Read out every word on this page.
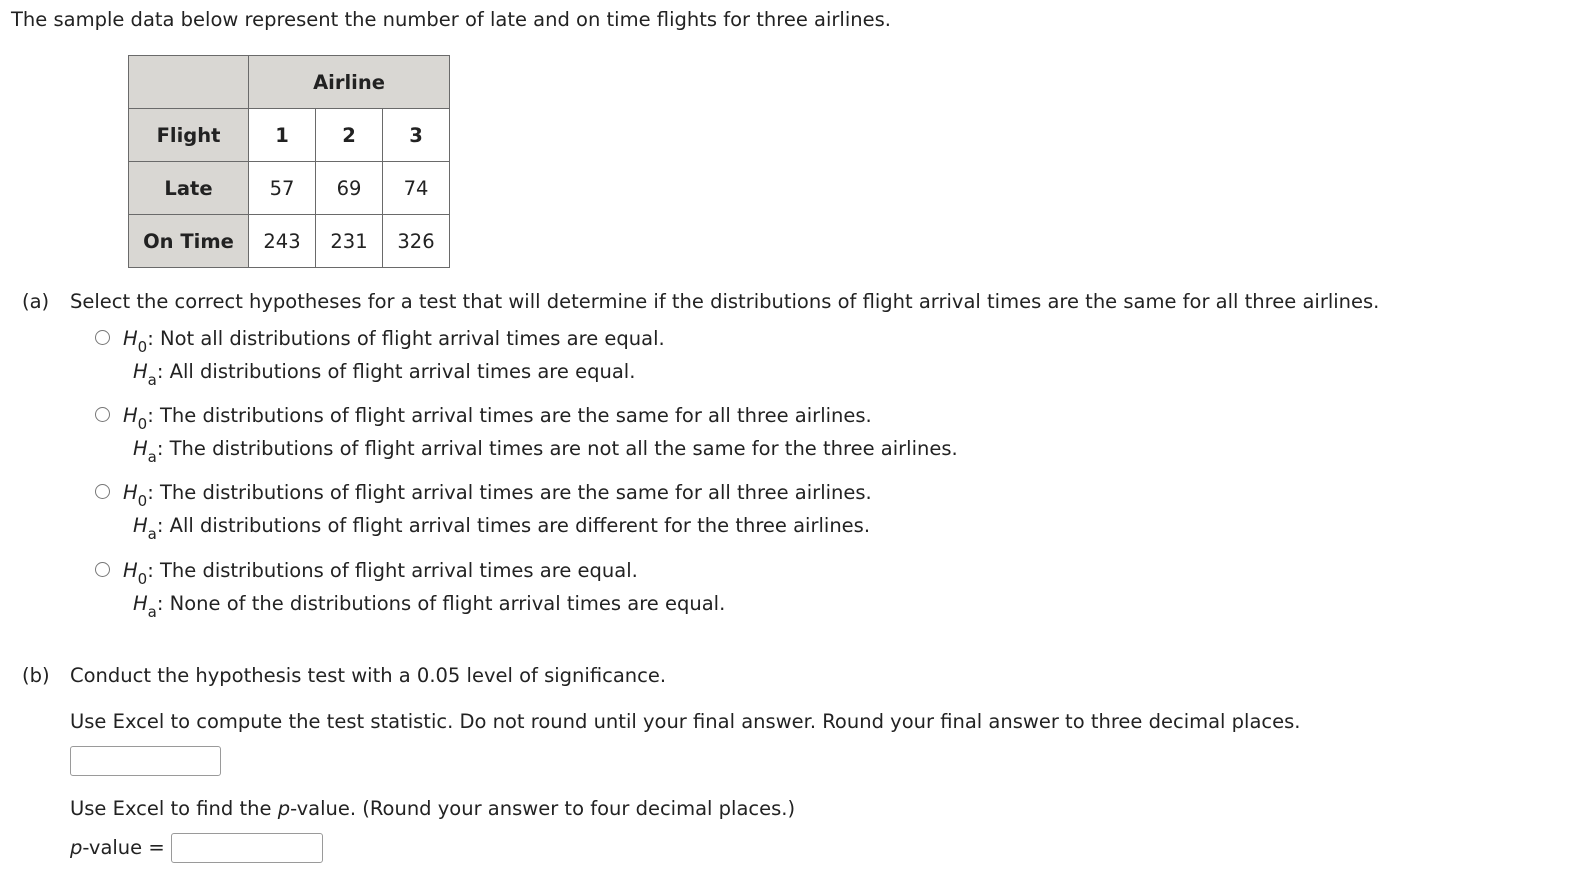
The sample data below represent the number of late and on time flights for three airlines.
	Airline		
Flight	1	2	3
Late	57	69	74
On Time	243	231	326
(a) Select the correct hypotheses for a test that will determine if the distributions of flight arrival times are the same for all three airlines.
$H_0$: Not all distributions of flight arrival times are equal.
$H_a$: All distributions of flight arrival times are equal.
$H_0$: The distributions of flight arrival times are the same for all three airlines.
$H_a$: The distributions of flight arrival times are not all the same for the three airlines.
$H_0$: The distributions of flight arrival times are the same for all three airlines.
$H_a$: All distributions of flight arrival times are different for the three airlines.
$H_0$: The distributions of flight arrival times are equal.
$H_a$: None of the distributions of flight arrival times are equal.
(b) Conduct the hypothesis test with a 0.05 level of significance.
Use Excel to compute the test statistic. Do not round until your final answer. Round your final answer to three decimal places.
Use Excel to find the p-value. (Round your answer to four decimal places.)
p-value =
